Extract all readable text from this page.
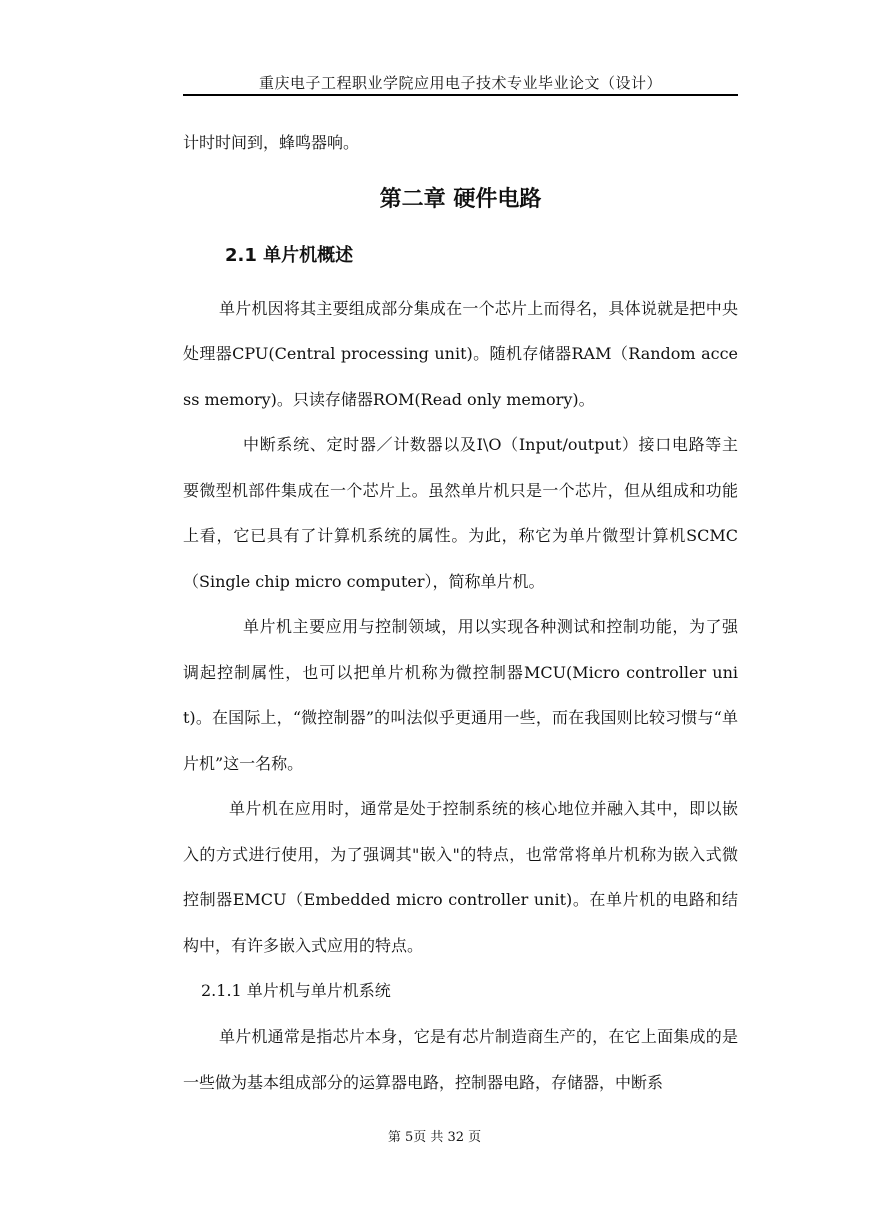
重庆电子工程职业学院应用电子技术专业毕业论文（设计）

计时时间到，蜂鸣器响。

第二章 硬件电路
2.1 单片机概述

单片机因将其主要组成部分集成在一个芯片上而得名，具体说就是把中央处理器CPU(Central processing unit)。随机存储器RAM（Random access memory)。只读存储器ROM(Read only memory)。

中断系统、定时器／计数器以及I\O（Input/output）接口电路等主要微型机部件集成在一个芯片上。虽然单片机只是一个芯片，但从组成和功能上看，它已具有了计算机系统的属性。为此，称它为单片微型计算机SCMC（Single chip micro computer），简称单片机。

单片机主要应用与控制领域，用以实现各种测试和控制功能，为了强调起控制属性，也可以把单片机称为微控制器MCU(Micro controller unit)。在国际上，“微控制器”的叫法似乎更通用一些，而在我国则比较习惯与“单片机”这一名称。

单片机在应用时，通常是处于控制系统的核心地位并融入其中，即以嵌入的方式进行使用，为了强调其"嵌入"的特点，也常常将单片机称为嵌入式微控制器EMCU（Embedded micro controller unit)。在单片机的电路和结构中，有许多嵌入式应用的特点。

2.1.1 单片机与单片机系统

单片机通常是指芯片本身，它是有芯片制造商生产的，在它上面集成的是一些做为基本组成部分的运算器电路，控制器电路，存储器，中断系

第 5页 共 32 页
